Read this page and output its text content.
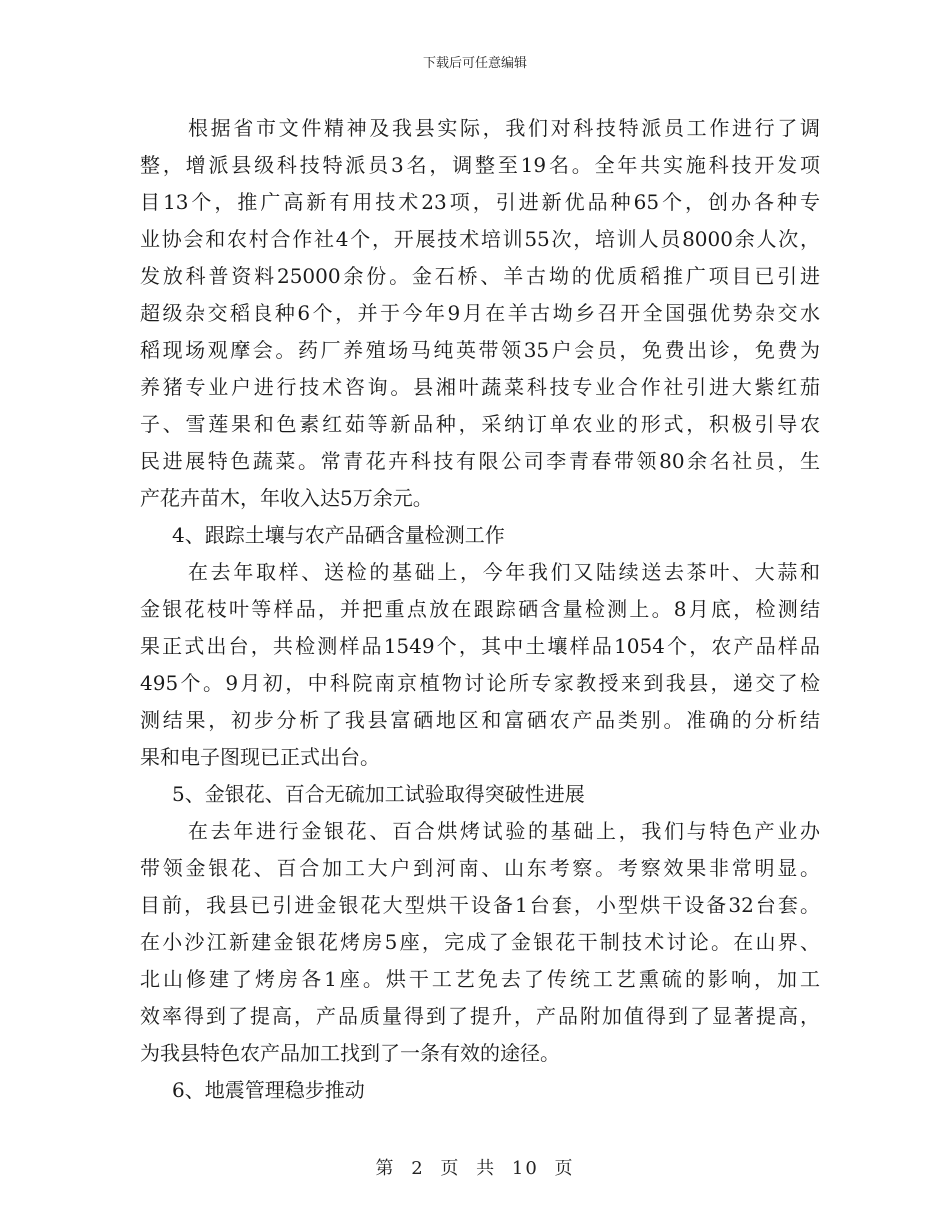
下载后可任意编辑
根据省市文件精神及我县实际，我们对科技特派员工作进行了调
整，增派县级科技特派员3名，调整至19名。全年共实施科技开发项
目13个，推广高新有用技术23项，引进新优品种65个，创办各种专
业协会和农村合作社4个，开展技术培训55次，培训人员8000余人次，
发放科普资料25000余份。金石桥、羊古坳的优质稻推广项目已引进
超级杂交稻良种6个，并于今年9月在羊古坳乡召开全国强优势杂交水
稻现场观摩会。药厂养殖场马纯英带领35户会员，免费出诊，免费为
养猪专业户进行技术咨询。县湘叶蔬菜科技专业合作社引进大紫红茄
子、雪莲果和色素红茹等新品种，采纳订单农业的形式，积极引导农
民进展特色蔬菜。常青花卉科技有限公司李青春带领80余名社员，生
产花卉苗木，年收入达5万余元。
4、跟踪土壤与农产品硒含量检测工作
在去年取样、送检的基础上，今年我们又陆续送去茶叶、大蒜和
金银花枝叶等样品，并把重点放在跟踪硒含量检测上。8月底，检测结
果正式出台，共检测样品1549个，其中土壤样品1054个，农产品样品
495个。9月初，中科院南京植物讨论所专家教授来到我县，递交了检
测结果，初步分析了我县富硒地区和富硒农产品类别。准确的分析结
果和电子图现已正式出台。
5、金银花、百合无硫加工试验取得突破性进展
在去年进行金银花、百合烘烤试验的基础上，我们与特色产业办
带领金银花、百合加工大户到河南、山东考察。考察效果非常明显。
目前，我县已引进金银花大型烘干设备1台套，小型烘干设备32台套。
在小沙江新建金银花烤房5座，完成了金银花干制技术讨论。在山界、
北山修建了烤房各1座。烘干工艺免去了传统工艺熏硫的影响，加工
效率得到了提高，产品质量得到了提升，产品附加值得到了显著提高，
为我县特色农产品加工找到了一条有效的途径。
6、地震管理稳步推动
第 2 页 共 10 页
